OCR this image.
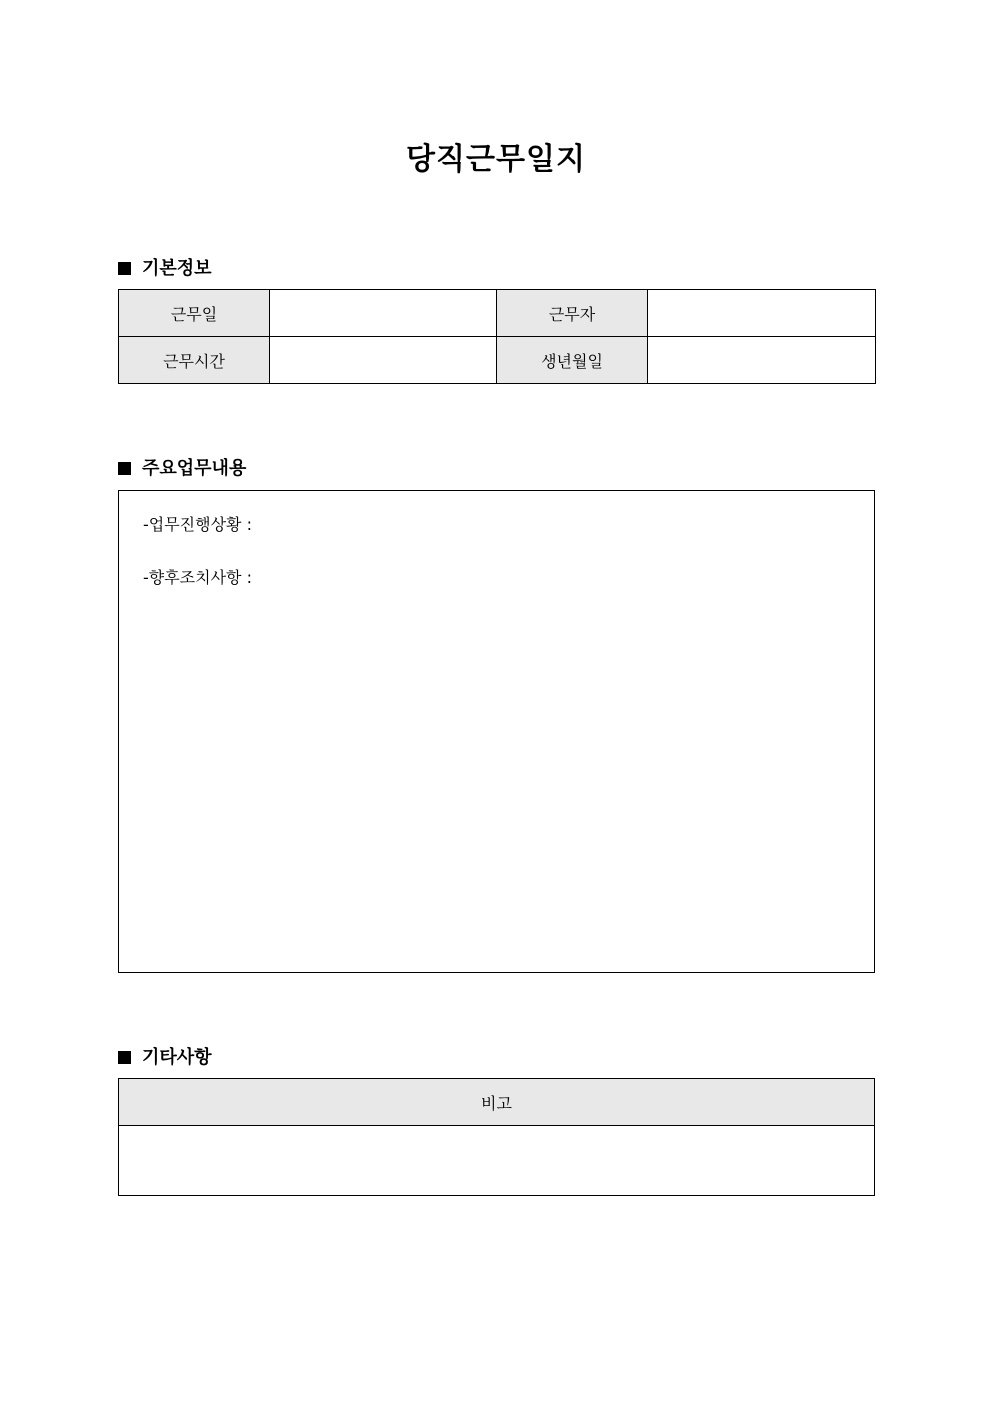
당직근무일지
기본정보
근무일		근무자	
근무시간		생년월일	
주요업무내용
-업무진행상황 :
-향후조치사항 :
기타사항
비고
